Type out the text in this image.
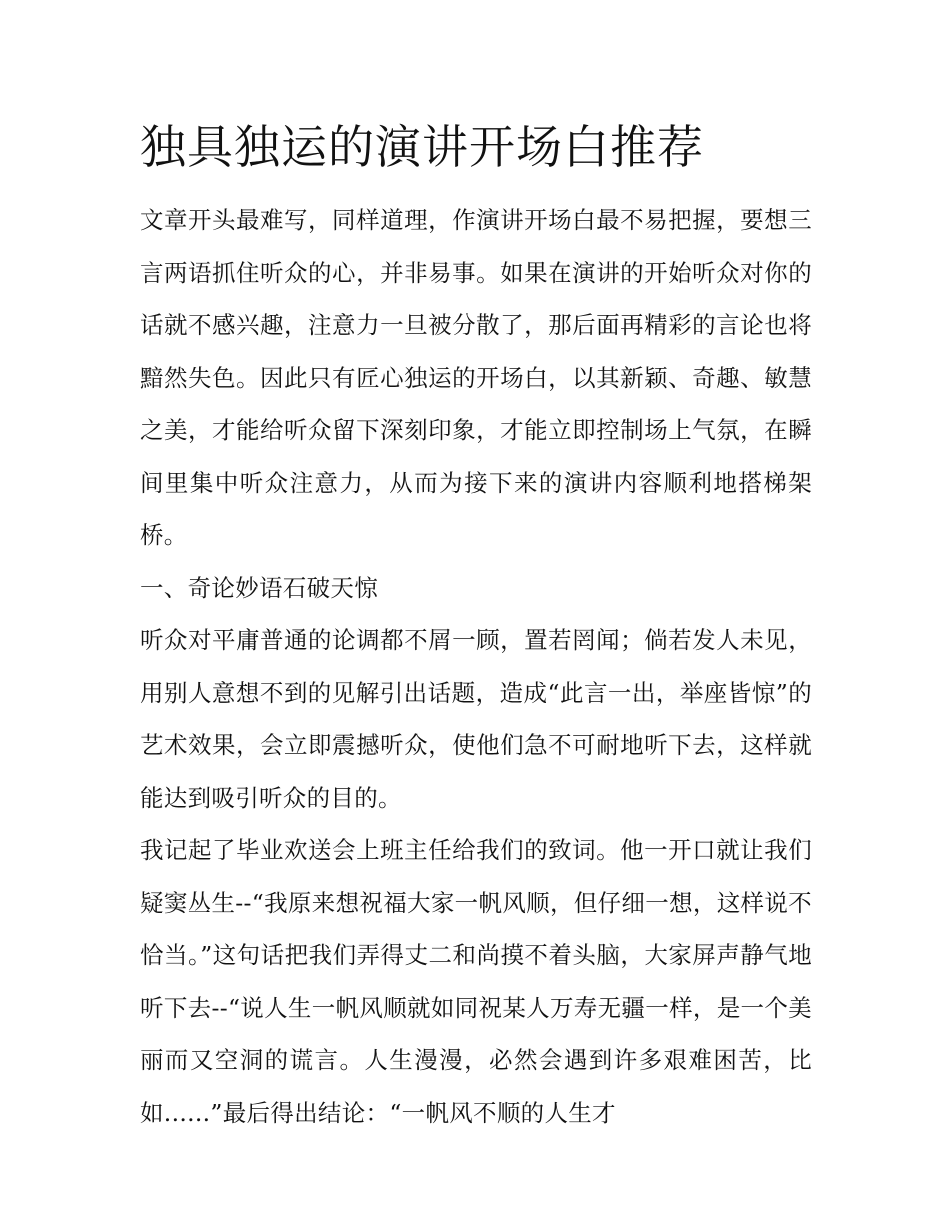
独具独运的演讲开场白推荐

文章开头最难写，同样道理，作演讲开场白最不易把握，要想三言两语抓住听众的心，并非易事。如果在演讲的开始听众对你的话就不感兴趣，注意力一旦被分散了，那后面再精彩的言论也将黯然失色。因此只有匠心独运的开场白，以其新颖、奇趣、敏慧之美，才能给听众留下深刻印象，才能立即控制场上气氛，在瞬间里集中听众注意力，从而为接下来的演讲内容顺利地搭梯架桥。

一、奇论妙语石破天惊

听众对平庸普通的论调都不屑一顾，置若罔闻；倘若发人未见，用别人意想不到的见解引出话题，造成“此言一出，举座皆惊”的艺术效果，会立即震撼听众，使他们急不可耐地听下去，这样就能达到吸引听众的目的。

我记起了毕业欢送会上班主任给我们的致词。他一开口就让我们疑窦丛生--“我原来想祝福大家一帆风顺，但仔细一想，这样说不恰当。”这句话把我们弄得丈二和尚摸不着头脑，大家屏声静气地听下去--“说人生一帆风顺就如同祝某人万寿无疆一样，是一个美丽而又空洞的谎言。人生漫漫，必然会遇到许多艰难困苦，比如......”最后得出结论：“一帆风不顺的人生才
